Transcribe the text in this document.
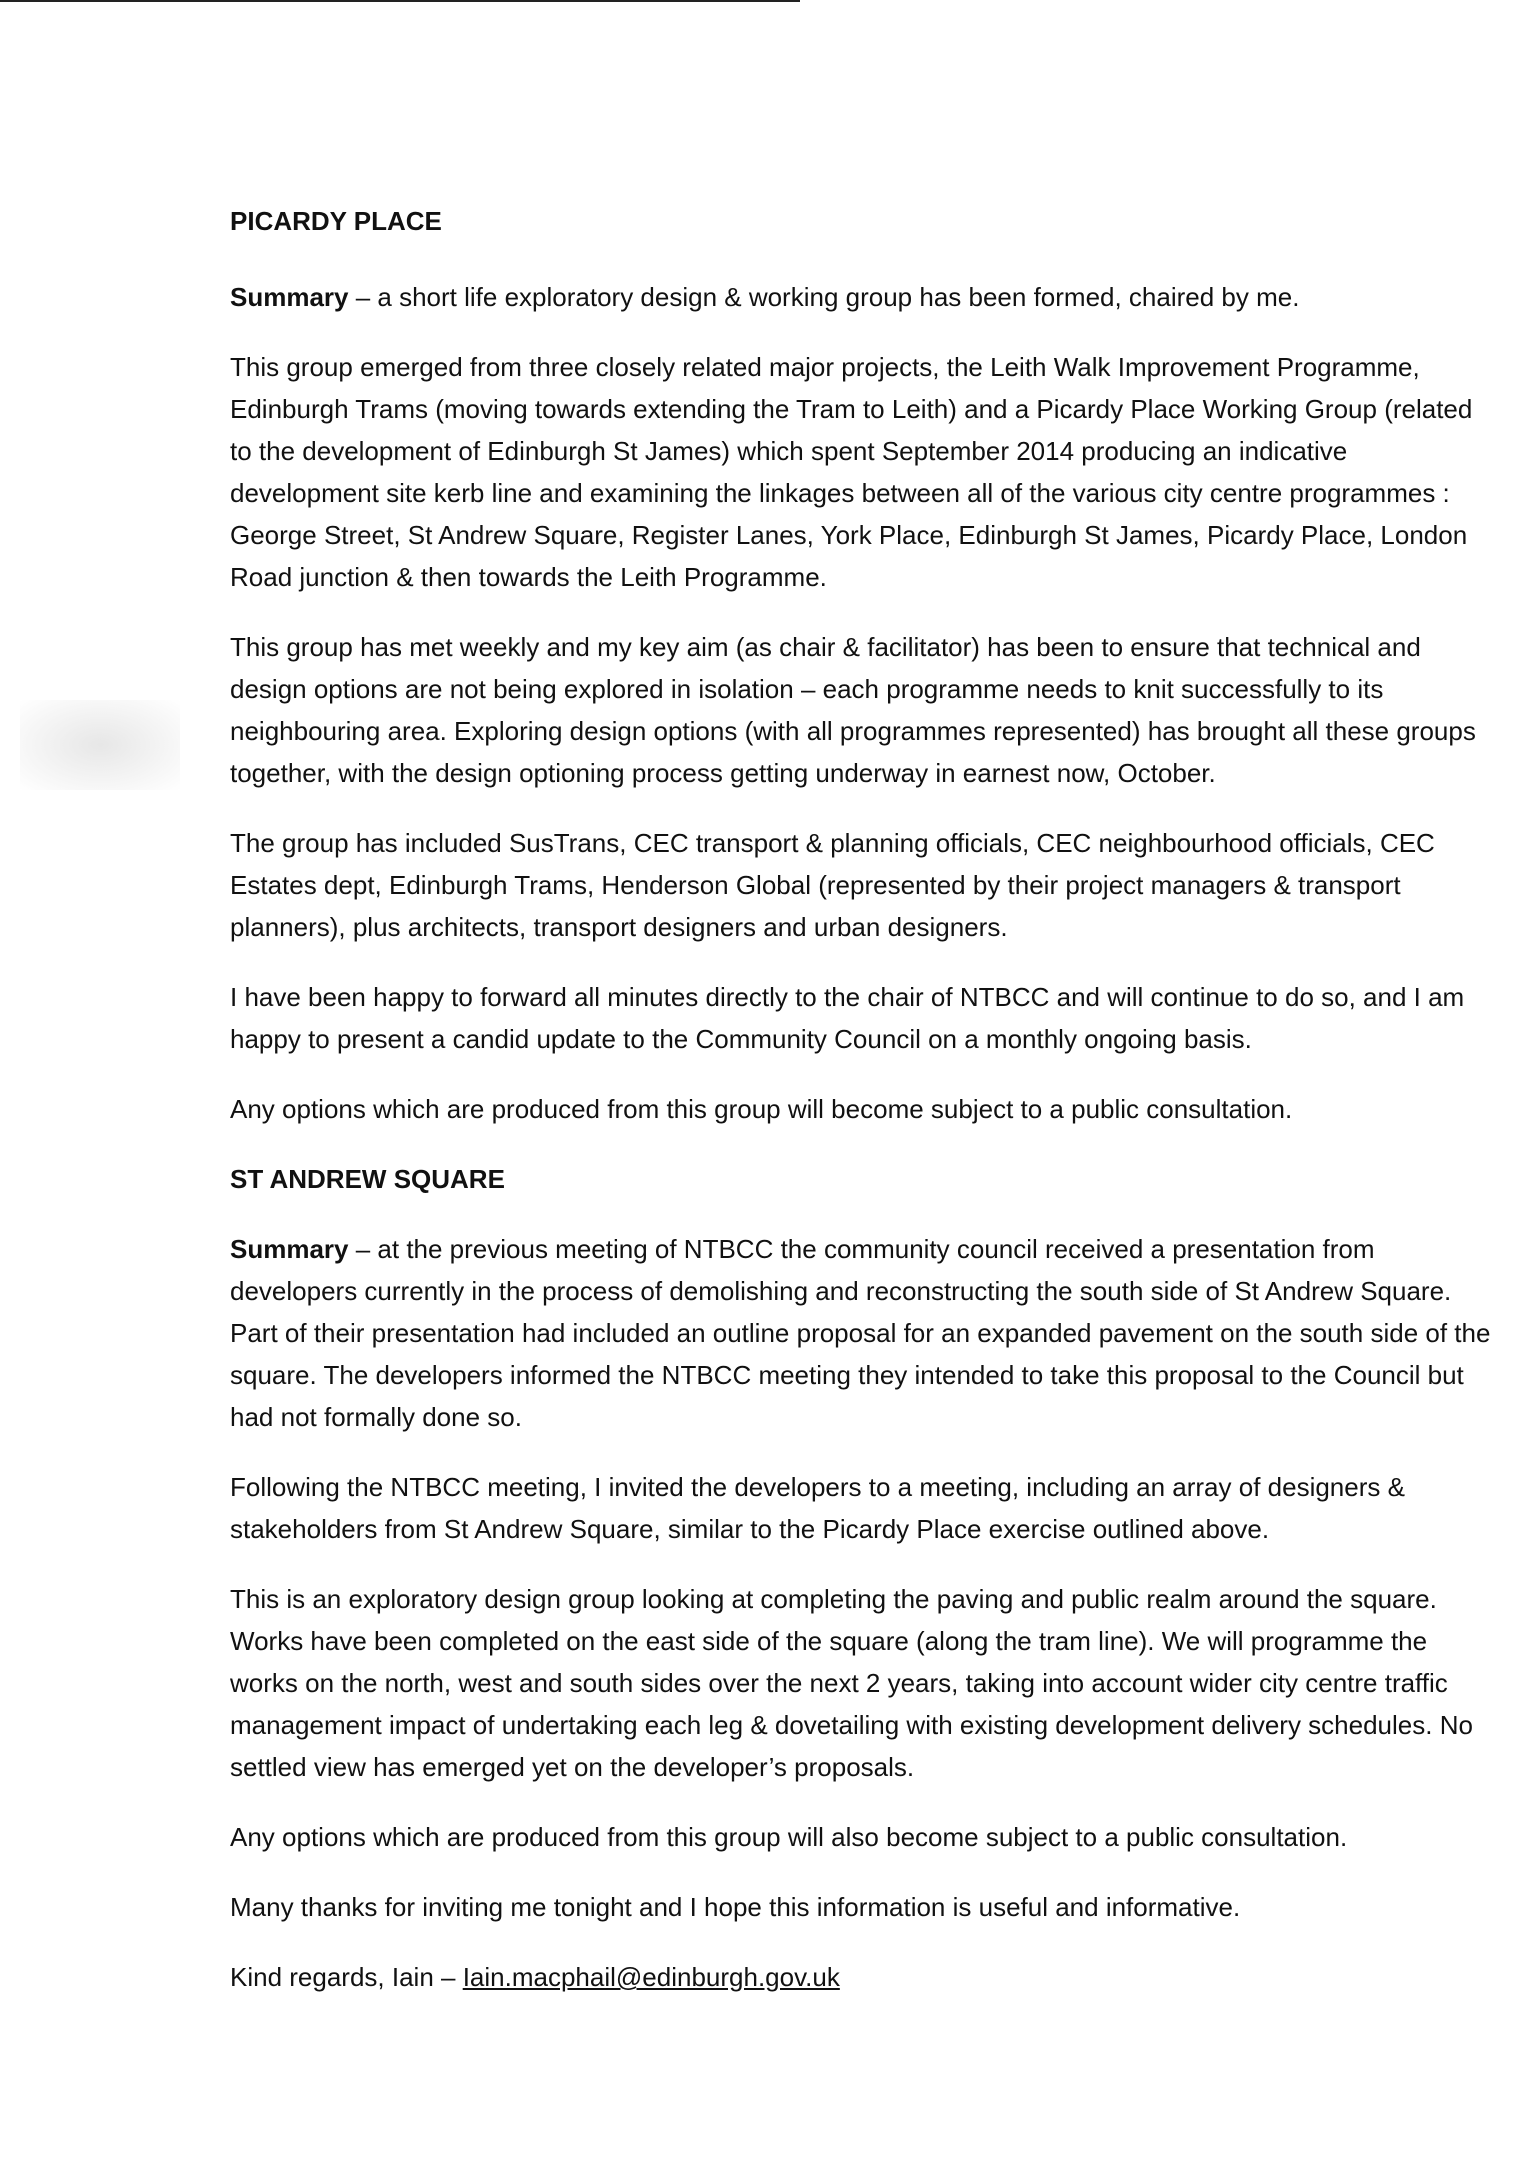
PICARDY PLACE

Summary – a short life exploratory design & working group has been formed, chaired by me.

This group emerged from three closely related major projects, the Leith Walk Improvement Programme, Edinburgh Trams (moving towards extending the Tram to Leith) and a Picardy Place Working Group (related to the development of Edinburgh St James) which spent September 2014 producing an indicative development site kerb line and examining the linkages between all of the various city centre programmes : George Street, St Andrew Square, Register Lanes, York Place, Edinburgh St James, Picardy Place, London Road junction & then towards the Leith Programme.

This group has met weekly and my key aim (as chair & facilitator) has been to ensure that technical and design options are not being explored in isolation – each programme needs to knit successfully to its neighbouring area. Exploring design options (with all programmes represented) has brought all these groups together, with the design optioning process getting underway in earnest now, October.

The group has included SusTrans, CEC transport & planning officials, CEC neighbourhood officials, CEC Estates dept, Edinburgh Trams, Henderson Global (represented by their project managers & transport planners), plus architects, transport designers and urban designers.

I have been happy to forward all minutes directly to the chair of NTBCC and will continue to do so, and I am happy to present a candid update to the Community Council on a monthly ongoing basis.

Any options which are produced from this group will become subject to a public consultation.

ST ANDREW SQUARE

Summary – at the previous meeting of NTBCC the community council received a presentation from developers currently in the process of demolishing and reconstructing the south side of St Andrew Square. Part of their presentation had included an outline proposal for an expanded pavement on the south side of the square. The developers informed the NTBCC meeting they intended to take this proposal to the Council but had not formally done so.

Following the NTBCC meeting, I invited the developers to a meeting, including an array of designers & stakeholders from St Andrew Square, similar to the Picardy Place exercise outlined above.

This is an exploratory design group looking at completing the paving and public realm around the square. Works have been completed on the east side of the square (along the tram line). We will programme the works on the north, west and south sides over the next 2 years, taking into account wider city centre traffic management impact of undertaking each leg & dovetailing with existing development delivery schedules. No settled view has emerged yet on the developer’s proposals.

Any options which are produced from this group will also become subject to a public consultation.

Many thanks for inviting me tonight and I hope this information is useful and informative.

Kind regards, Iain – Iain.macphail@edinburgh.gov.uk
